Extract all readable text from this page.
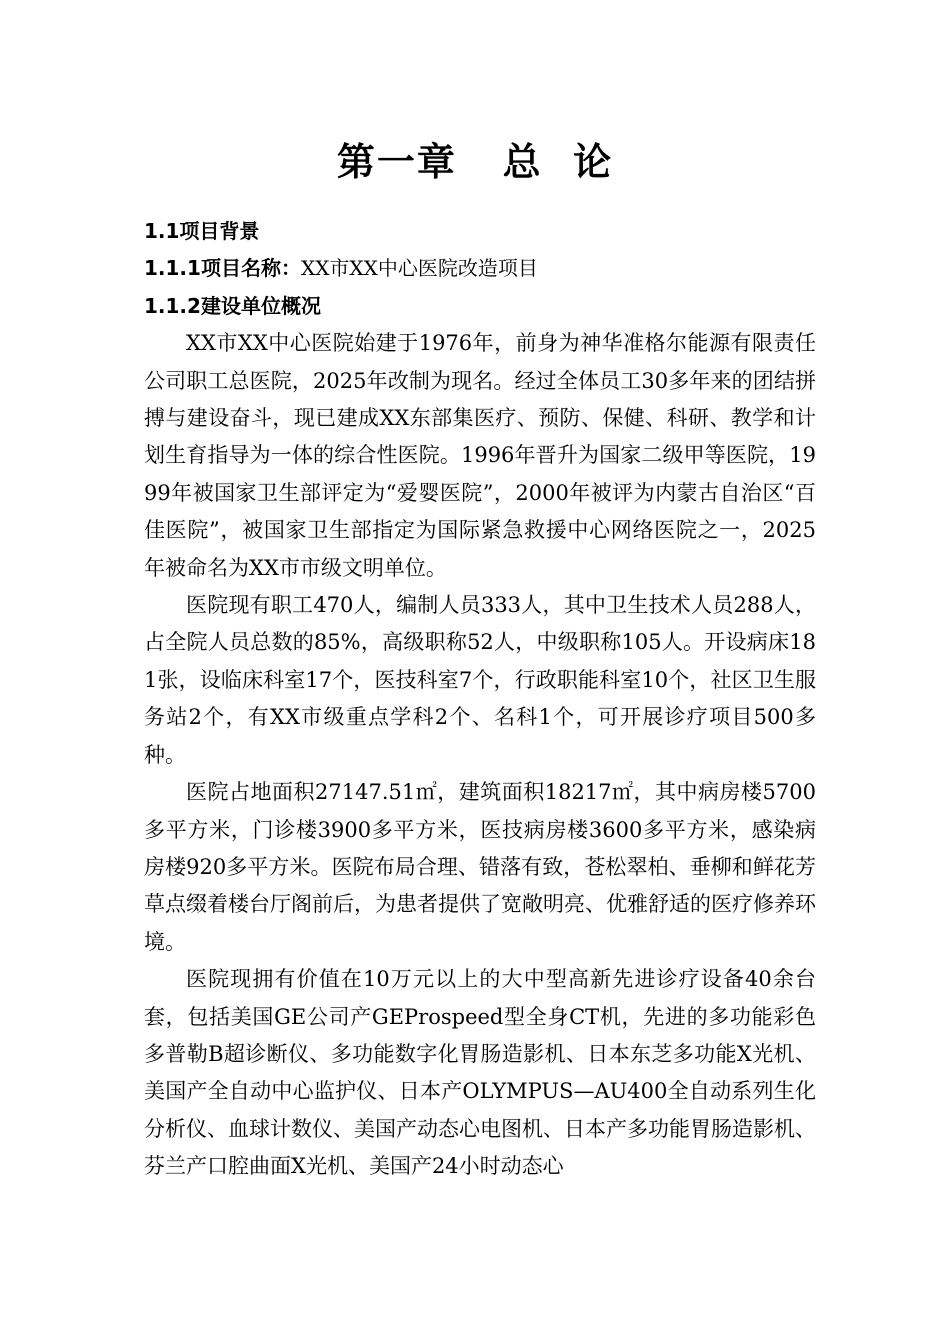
第一章   总  论

1.1项目背景

1.1.1项目名称：XX市XX中心医院改造项目

1.1.2建设单位概况

XX市XX中心医院始建于1976年，前身为神华准格尔能源有限责任公司职工总医院，2025年改制为现名。经过全体员工30多年来的团结拼搏与建设奋斗，现已建成XX东部集医疗、预防、保健、科研、教学和计划生育指导为一体的综合性医院。1996年晋升为国家二级甲等医院，1999年被国家卫生部评定为“爱婴医院”，2000年被评为内蒙古自治区“百佳医院”，被国家卫生部指定为国际紧急救援中心网络医院之一，2025年被命名为XX市市级文明单位。

医院现有职工470人，编制人员333人，其中卫生技术人员288人，占全院人员总数的85%，高级职称52人，中级职称105人。开设病床181张，设临床科室17个，医技科室7个，行政职能科室10个，社区卫生服务站2个，有XX市级重点学科2个、名科1个，可开展诊疗项目500多种。

医院占地面积27147.51㎡，建筑面积18217㎡，其中病房楼5700多平方米，门诊楼3900多平方米，医技病房楼3600多平方米，感染病房楼920多平方米。医院布局合理、错落有致，苍松翠柏、垂柳和鲜花芳草点缀着楼台厅阁前后，为患者提供了宽敞明亮、优雅舒适的医疗修养环境。

医院现拥有价值在10万元以上的大中型高新先进诊疗设备40余台套，包括美国GE公司产GEProspeed型全身CT机，先进的多功能彩色多普勒B超诊断仪、多功能数字化胃肠造影机、日本东芝多功能X光机、美国产全自动中心监护仪、日本产OLYMPUS—AU400全自动系列生化分析仪、血球计数仪、美国产动态心电图机、日本产多功能胃肠造影机、芬兰产口腔曲面X光机、美国产24小时动态心
